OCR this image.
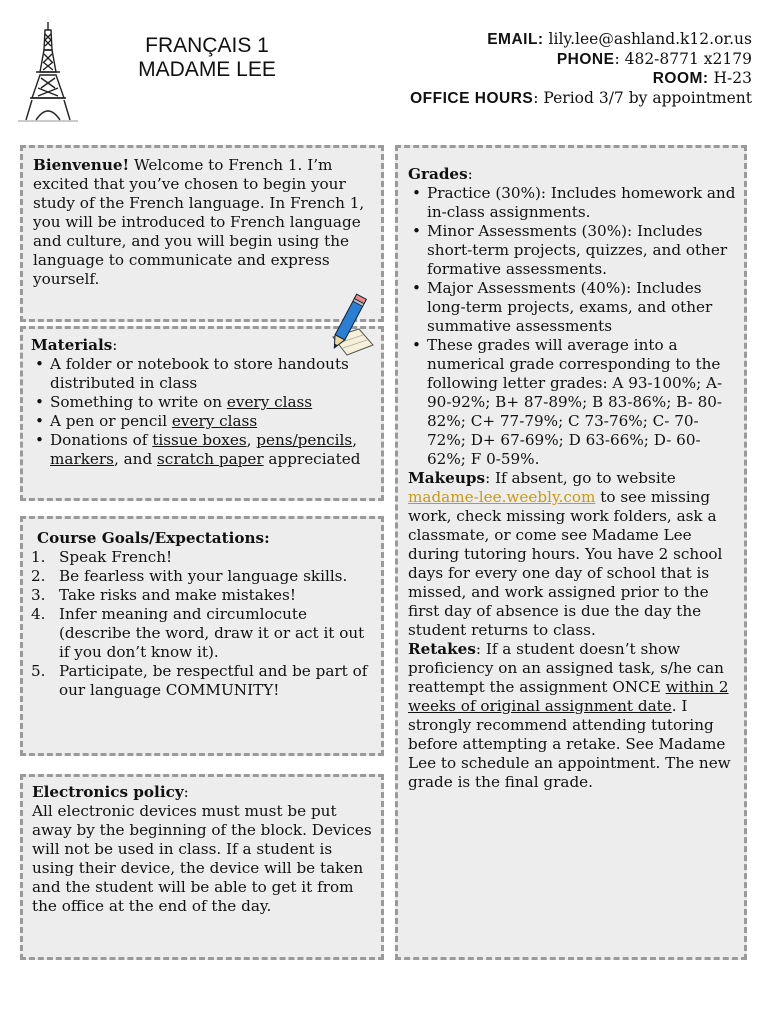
FRANÇAIS 1
MADAME LEE
EMAIL: lily.lee@ashland.k12.or.us
PHONE: 482-8771 x2179
ROOM: H-23
OFFICE HOURS: Period 3/7 by appointment
Bienvenue! Welcome to French 1. I’m excited that you’ve chosen to begin your study of the French language. In French 1, you will be introduced to French language and culture, and you will begin using the language to communicate and express yourself.
Materials:
• A folder or notebook to store handouts distributed in class
• Something to write on every class
• A pen or pencil every class
• Donations of tissue boxes, pens/pencils, markers, and scratch paper appreciated
Course Goals/Expectations:
1. Speak French!
2. Be fearless with your language skills.
3. Take risks and make mistakes!
4. Infer meaning and circumlocute (describe the word, draw it or act it out if you don’t know it).
5. Participate, be respectful and be part of our language COMMUNITY!
Electronics policy:
All electronic devices must must be put away by the beginning of the block. Devices will not be used in class. If a student is using their device, the device will be taken and the student will be able to get it from the office at the end of the day.
Grades:
• Practice (30%): Includes homework and in-class assignments.
• Minor Assessments (30%): Includes short-term projects, quizzes, and other formative assessments.
• Major Assessments (40%): Includes long-term projects, exams, and other summative assessments
• These grades will average into a numerical grade corresponding to the following letter grades: A 93-100%; A- 90-92%; B+ 87-89%; B 83-86%; B- 80-82%; C+ 77-79%; C 73-76%; C- 70-72%; D+ 67-69%; D 63-66%; D- 60-62%; F 0-59%.
Makeups: If absent, go to website madame-lee.weebly.com to see missing work, check missing work folders, ask a classmate, or come see Madame Lee during tutoring hours. You have 2 school days for every one day of school that is missed, and work assigned prior to the first day of absence is due the day the student returns to class.
Retakes: If a student doesn’t show proficiency on an assigned task, s/he can reattempt the assignment ONCE within 2 weeks of original assignment date. I strongly recommend attending tutoring before attempting a retake. See Madame Lee to schedule an appointment. The new grade is the final grade.
